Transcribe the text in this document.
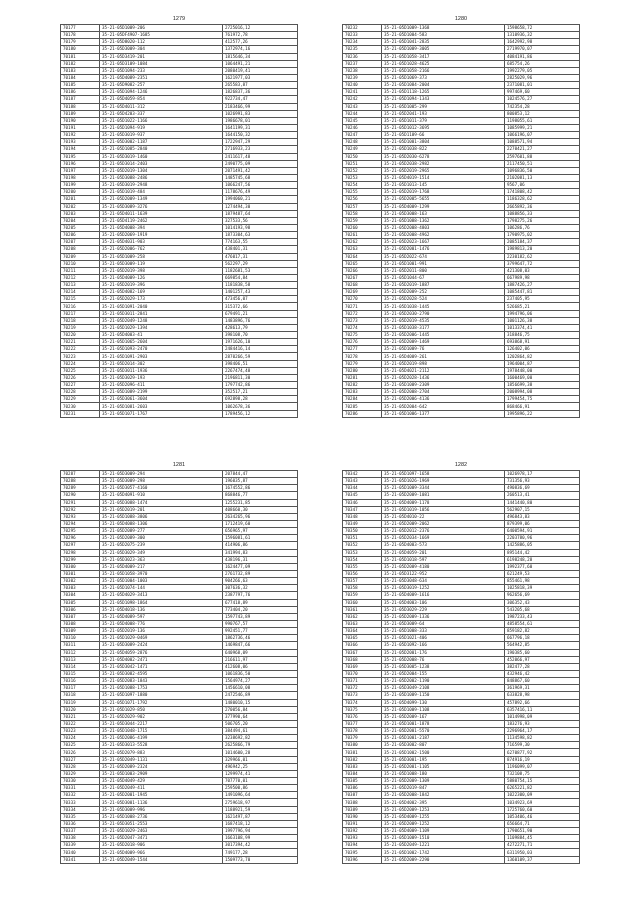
1279
70177	35-21-05D1009-206	2725016,12
70178	35-21-05DF4907-1685	761972,78
70179	35-21-05D8020-112	412577,26
70180	35-21-05D3009-304	1372974,16
70181	35-21-05D3419-201	1815646,34
70182	35-21-05D3109-1084	1064491,21
70183	35-21-05D1094-233	2080419,41
70184	35-21-05D4089-2351	1621977,03
70185	35-21-05D9082-257	265583,87
70186	35-21-05D1094-1246	1826837,36
70187	35-21-05D4059-854	922734,47
70188	35-21-05D4011-312	2183466,99
70189	35-21-05D4203-337	1026991,83
70190	35-21-05D1022-1166	1986678,01
70191	35-21-05D1094-919	1641199,31
70192	35-21-05D3019-937	1644150,32
70193	35-21-05D3002-1187	1722947,29
70194	35-21-05D1085-2840	2716933,23
70195	35-21-05D3019-1460	2411617,48
70196	35-21-05D3014-2403	2490775,09
70197	35-21-05D2019-1304	2071491,42
70198	35-21-05D3088-2486	1485745,68
70199	35-21-05D3019-2948	1066247,56
70200	35-21-05D1019-484	1178676,49
70201	35-21-05D2009-1349	1994060,21
70202	35-21-05D3089-3276	1274494,30
70203	35-21-05D4011-1639	1879487,64
70204	35-21-05D4119-2462	327533,56
70205	35-21-05D4008-394	1014193,98
70206	35-21-05D2069-1919	1873304,63
70207	35-21-05D4031-903	774163,55
70208	35-21-05D2006-762	438401,31
70209	35-21-05D1009-258	476017,31
70210	35-21-05D3009-119	562297,29
70211	35-21-05D2019-398	1182681,53
70212	35-21-05D4009-126	669854,84
70213	35-21-05D2019-396	1181838,58
70214	35-21-05D4082-169	1401257,43
70215	35-21-05D2029-173	473456,07
70216	35-21-05D1091-2040	315372,66
70217	35-21-05D3011-2841	679491,21
70218	35-21-05D2049-1248	1483896,76
70219	35-21-05D1029-1394	428613,79
70220	35-21-05D4003-41	398108,70
70221	35-21-05D1065-2604	1971626,10
70222	35-21-05D1093-2470	2484416,14
70223	35-21-05D1091-2903	2870266,59
70224	35-21-05D2014-302	398406,51
70225	35-21-05D3011-1936	2267474,48
70226	35-21-05D3029-193	2196811,30
70227	35-21-05D2096-411	1797742,86
70228	35-21-05D1089-2199	352517,21
70229	35-21-05D3061-3604	692898,28
70230	35-21-05D1081-2603	1062678,36
70231	35-21-05D1071-1767	1789456,12
1280
70232	35-21-05D1009-1368	1598658,72
70233	35-21-05D1004-583	1310936,32
70234	35-21-05D1041-2835	1642992,98
70235	35-21-05D1009-3005	2719970,07
70236	35-21-05D1058-3417	4084191,86
70237	35-21-05D1028-4625	685754,26
70238	35-21-05D1058-2166	1992279,05
70239	35-21-05D1069-373	2825029,96
70240	35-21-05D1084-2004	2371081,01
70241	35-21-05D1118-1265	997469,60
70242	35-21-05D1094-1343	1024576,27
70243	35-21-05D1005-299	742354,28
70244	35-21-05D2041-193	800853,12
70245	35-21-05D1011-379	1198055,61
70246	35-21-05D1012-3695	1085999,21
70247	35-21-05D1109-66	1066196,07
70248	35-21-05D1001-3804	1088571,94
70249	35-21-05D1038-822	2270421,27
70250	35-21-05D2030-6278	2597601,88
70251	35-21-05D2038-2982	2117450,51
70252	35-21-05D2019-2965	1096836,50
70253	35-21-05D4019-1514	2102081,13
70254	35-21-05D1013-145	9567,06
70255	35-21-05D2019-1768	1741808,42
70256	35-21-05D2005-5655	1186328,62
70257	35-21-05D4009-1299	2665892,36
70258	35-21-05D3008-163	1088856,33
70259	35-21-05D1088-1362	1798275,26
70260	35-21-05D2008-4803	106286,76
70261	35-21-05D2008-4962	1790975,02
70262	35-21-05D2023-1667	2085184,37
70263	35-21-05D2001-1476	1989813,20
70264	35-21-05D2022-674	2230182,62
70265	35-21-05D1001-991	3799647,72
70266	35-21-05D2011-800	421308,03
70267	35-21-05D1044-67	667989,98
70268	35-21-05D2019-1887	1887426,27
70269	35-21-05D2009-252	1085447,81
70270	35-21-05D2028-524	237405,95
70271	35-21-05D1038-1445	526685,21
70272	35-21-05D2030-2790	1994796,06
70273	35-21-05D2019-4535	1001126,38
70274	35-21-05D1038-3177	1013374,41
70275	35-21-05D2006-1445	318846,75
70276	35-21-05D2009-1469	693868,91
70277	35-21-05D1009-76	126402,06
70278	35-21-05D4009-261	1202864,82
70279	35-21-05D2019-898	1964004,87
70280	35-21-05D4021-2112	1978448,00
70281	35-21-05D2028-1436	1600469,00
70282	35-21-05D1009-2309	1856699,38
70283	35-21-05D2008-2704	2008994,08
70284	35-21-05D2006-4136	1799454,75
70285	35-21-05D2004-642	868466,91
70286	35-21-05D1006-1377	1995896,22
1281
70287	35-21-05D3009-294	207844,47
70288	35-21-05D3009-298	196035,87
70289	35-21-05D3057-4160	1674552,86
70290	35-21-05D4091-910	868846,77
70291	35-21-05D3088-1474	1255231,85
70292	35-21-05D2019-201	408660,30
70293	35-21-05D1088-3806	2634265,96
70294	35-21-05D4088-1306	1712419,60
70295	35-21-05D2089-277	656965,97
70296	35-21-05D2089-300	1596081,61
70297	35-21-05D2075-239	414906,86
70298	35-21-05D3029-349	341994,83
70299	35-21-05D3023-363	438196,31
70300	35-21-05D4009-217	1624477,09
70301	35-21-05D1058-3970	2761732,89
70302	35-21-05D1004-1003	904266,63
70303	35-21-05D1074-144	307636,32
70304	35-21-05D4029-3413	2387797,76
70305	35-21-05D1098-1864	677418,89
70306	35-21-05D4018-136	773404,20
70307	35-21-05D4089-597	1597743,89
70308	35-21-05D4008-776	990767,57
70309	35-21-05D2019-136	992451,77
70310	35-21-05D1029-0469	1862736,46
70311	35-21-05D3089-2424	1469847,66
70312	35-21-05D4059-2876	640968,09
70313	35-21-05D4002-2471	216611,97
70314	35-21-05D3042-1471	412608,06
70315	35-21-05D3082-4595	1061836,50
70316	35-21-05D2083-1843	1564974,27
70317	35-21-05D1088-1753	1456610,08
70318	35-21-05D1097-1880	2472546,89
70319	35-21-05D1071-1792	1480010,15
70320	35-21-05D1029-850	270056,84
70321	35-21-05D2029-902	377990,64
70322	35-21-05D3044-2217	506705,20
70323	35-21-05D1048-1715	384494,61
70324	35-21-05D2086-4199	3238692,82
70325	35-21-05D3013-5528	2625866,79
70326	35-21-05D2079-883	1014600,28
70327	35-21-05D2049-1131	329966,01
70328	35-21-05D2089-2324	496942,25
70329	35-21-05D1003-2909	1299974,41
70330	35-21-05D4049-429	707770,01
70331	35-21-05D2049-411	259500,86
70332	35-21-05D2001-1945	1491096,64
70333	35-21-05D3001-1136	2759618,97
70334	35-21-05D3009-996	1188921,59
70335	35-21-05D1008-2736	1621497,87
70336	35-21-05D3051-2553	1687418,12
70337	35-21-05D1029-2463	1997796,94
70338	35-21-05D2047-3471	1663108,99
70339	35-21-05D2018-906	3017394,42
70340	35-21-05D4009-966	749177,28
70341	35-21-05D2049-1544	1509773,70
1282
70342	35-21-05D1097-1658	1026978,17
70343	35-21-05D1026-1969	731356,93
70344	35-21-05D1009-3344	490836,69
70345	35-21-05D2009-1081	260513,41
70346	35-21-05D4009-1178	1441440,80
70347	35-21-05D1019-1056	562907,15
70348	35-21-05D4010-22	496843,83
70349	35-21-05D2009-2062	879399,06
70350	35-21-05D2012-2376	6400594,91
70351	35-21-05D2034-1669	2203780,96
70352	35-21-05D4003-573	1425886,05
70353	35-21-05D4059-201	895144,42
70354	35-21-05D1018-597	6198248,28
70355	35-21-05D2009-4180	1992377,60
70356	35-21-05D3122-952	621249,53
70357	35-21-05D3048-634	855461,98
70358	35-21-05D3019-1252	1025818,39
70359	35-21-05D4009-1616	962656,69
70360	35-21-05D4003-106	306352,43
70361	35-21-05D3029-229	543205,68
70362	35-21-05D2009-1336	1987233,43
70363	35-21-05D3009-64	4858554,61
70364	35-21-05D1008-333	859182,82
70365	35-21-05D1021-406	667796,18
70366	35-21-05D1092-166	564942,85
70367	35-21-05D2001-176	190385,60
70368	35-21-05D2008-76	452066,97
70369	35-21-05D3005-1238	382477,28
70370	35-21-05D2004-155	432946,42
70371	35-21-05D2002-1190	848867,60
70372	35-21-05D3049-2108	361969,31
70373	35-21-05D1009-1150	633828,98
70374	35-21-05D4099-130	457892,66
70375	35-21-05D1009-1108	6357416,11
70376	35-21-05D2009-167	1014998,09
70377	35-21-05D1001-1878	183276,93
70378	35-21-05D2001-5570	2296964,17
70379	35-21-05D1001-2187	1134598,82
70380	35-21-05D3002-807	716599,30
70381	35-21-05D1002-1500	6270877,92
70382	35-21-05D3001-195	874916,19
70383	35-21-05D2001-1105	1196099,07
70384	35-21-05D1008-180	732108,75
70385	35-21-05D2009-1309	5880754,15
70386	35-21-05D2019-847	6265221,82
70387	35-21-05D2008-1842	1022300,09
70388	35-21-05D4002-395	1034923,69
70389	35-21-05D2009-1253	1725760,60
70390	35-21-05D4009-1255	1053406,46
70391	35-21-05D2009-1252	656664,71
70392	35-21-05D4009-1109	1790651,90
70393	35-21-05D1009-1510	1109884,45
70394	35-21-05D2049-1221	4272271,71
70395	35-21-05D1002-1742	6311950,03
70396	35-21-05D2009-2290	1360109,37
